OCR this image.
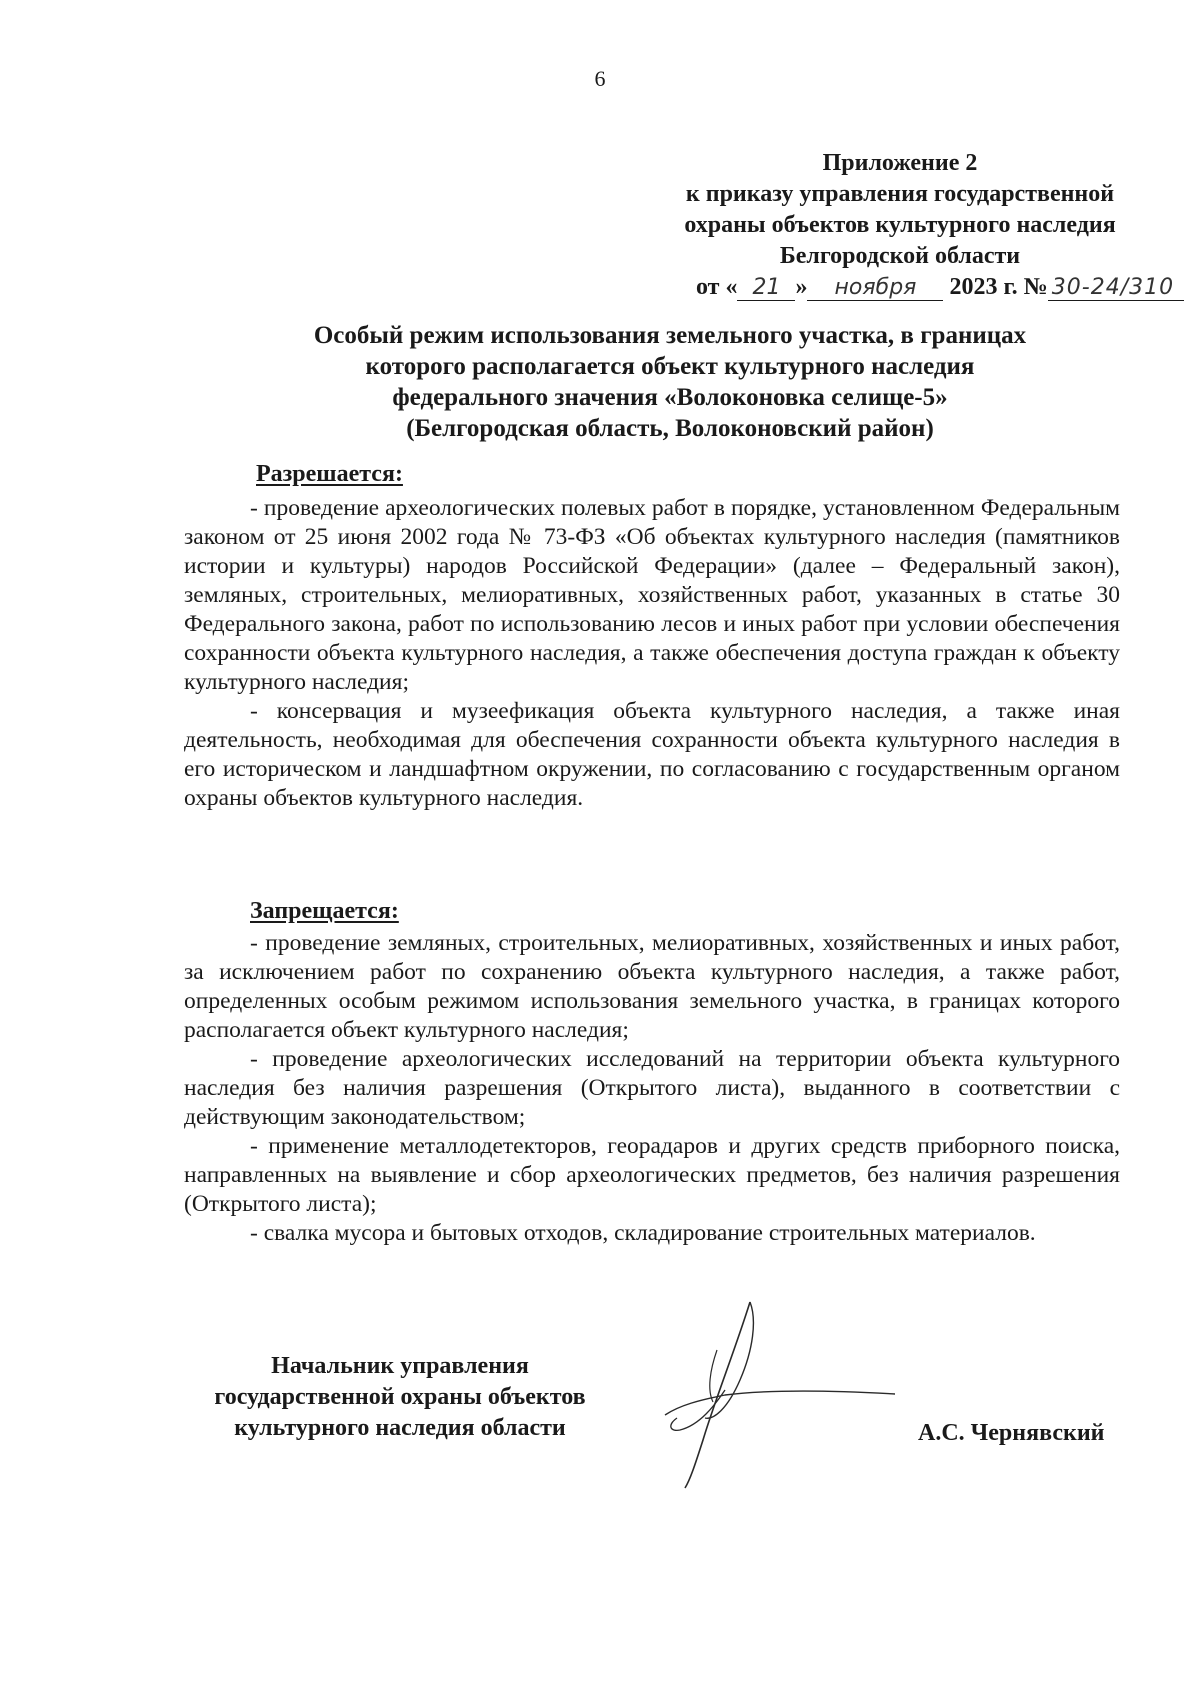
6
Приложение 2
к приказу управления государственной
охраны объектов культурного наследия
Белгородской области
от « 21 » ноября 2023 г. № 30-24/310
Особый режим использования земельного участка, в границах
которого располагается объект культурного наследия
федерального значения «Волоконовка селище-5»
(Белгородская область, Волоконовский район)
Разрешается:

- проведение археологических полевых работ в порядке, установленном Федеральным законом от 25 июня 2002 года № 73-ФЗ «Об объектах культурного наследия (памятников истории и культуры) народов Российской Федерации» (далее – Федеральный закон), земляных, строительных, мелиоративных, хозяйственных работ, указанных в статье 30 Федерального закона, работ по использованию лесов и иных работ при условии обеспечения сохранности объекта культурного наследия, а также обеспечения доступа граждан к объекту культурного наследия;

- консервация и музеефикация объекта культурного наследия, а также иная деятельность, необходимая для обеспечения сохранности объекта культурного наследия в его историческом и ландшафтном окружении, по согласованию с государственным органом охраны объектов культурного наследия.

Запрещается:

- проведение земляных, строительных, мелиоративных, хозяйственных и иных работ, за исключением работ по сохранению объекта культурного наследия, а также работ, определенных особым режимом использования земельного участка, в границах которого располагается объект культурного наследия;

- проведение археологических исследований на территории объекта культурного наследия без наличия разрешения (Открытого листа), выданного в соответствии с действующим законодательством;

- применение металлодетекторов, георадаров и других средств приборного поиска, направленных на выявление и сбор археологических предметов, без наличия разрешения (Открытого листа);

- свалка мусора и бытовых отходов, складирование строительных материалов.

Начальник управления
государственной охраны объектов
культурного наследия области	А.С. Чернявский
